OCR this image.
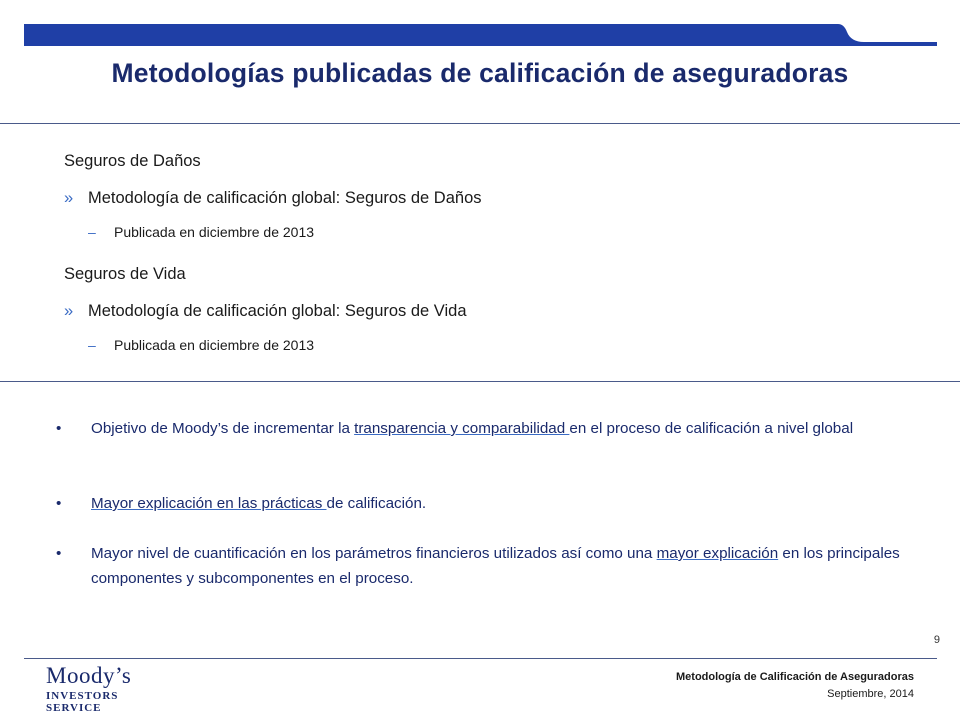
Metodologías publicadas de calificación de aseguradoras
Seguros de Daños
» Metodología de calificación global: Seguros de Daños
– Publicada en diciembre de 2013
Seguros de Vida
» Metodología de calificación global: Seguros de Vida
– Publicada en diciembre de 2013
• Objetivo de Moody’s de incrementar la transparencia y comparabilidad en el proceso de calificación a nivel global
• Mayor explicación en las prácticas de calificación.
• Mayor nivel de cuantificación en los parámetros financieros utilizados así como una mayor explicación en los principales componentes y subcomponentes en el proceso.
9
Moody’s
INVESTORS SERVICE
Metodología de Calificación de Aseguradoras
Septiembre, 2014
